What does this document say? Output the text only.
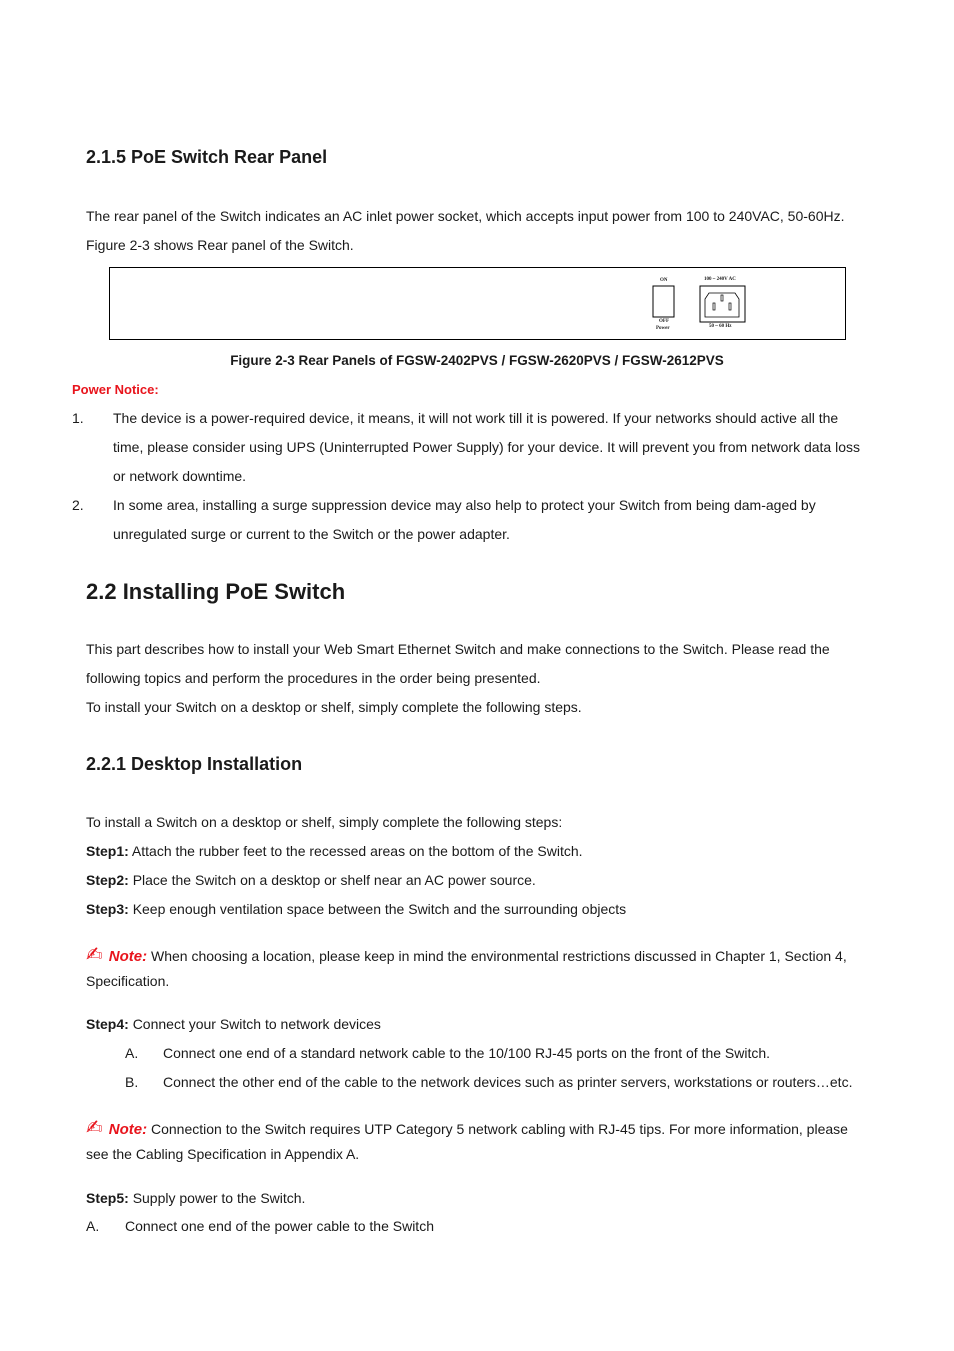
2.1.5 PoE Switch Rear Panel
The rear panel of the Switch indicates an AC inlet power socket, which accepts input power from 100 to 240VAC, 50-60Hz.
Figure 2-3 shows Rear panel of the Switch.
ON
OFF
Power
100 ~ 240V AC
50 ~ 60 Hz
Figure 2-3 Rear Panels of FGSW-2402PVS / FGSW-2620PVS / FGSW-2612PVS
Power Notice:
1. The device is a power-required device, it means, it will not work till it is powered. If your networks should active all the
time, please consider using UPS (Uninterrupted Power Supply) for your device. It will prevent you from network data loss
or network downtime.
2. In some area, installing a surge suppression device may also help to protect your Switch from being dam-aged by
unregulated surge or current to the Switch or the power adapter.
2.2 Installing PoE Switch
This part describes how to install your Web Smart Ethernet Switch and make connections to the Switch. Please read the
following topics and perform the procedures in the order being presented.
To install your Switch on a desktop or shelf, simply complete the following steps.
2.2.1 Desktop Installation
To install a Switch on a desktop or shelf, simply complete the following steps:
Step1: Attach the rubber feet to the recessed areas on the bottom of the Switch.
Step2: Place the Switch on a desktop or shelf near an AC power source.
Step3: Keep enough ventilation space between the Switch and the surrounding objects
✍ Note: When choosing a location, please keep in mind the environmental restrictions discussed in Chapter 1, Section 4,
Specification.
Step4: Connect your Switch to network devices
A. Connect one end of a standard network cable to the 10/100 RJ-45 ports on the front of the Switch.
B. Connect the other end of the cable to the network devices such as printer servers, workstations or routers…etc.
✍ Note: Connection to the Switch requires UTP Category 5 network cabling with RJ-45 tips. For more information, please
see the Cabling Specification in Appendix A.
Step5: Supply power to the Switch.
A. Connect one end of the power cable to the Switch
